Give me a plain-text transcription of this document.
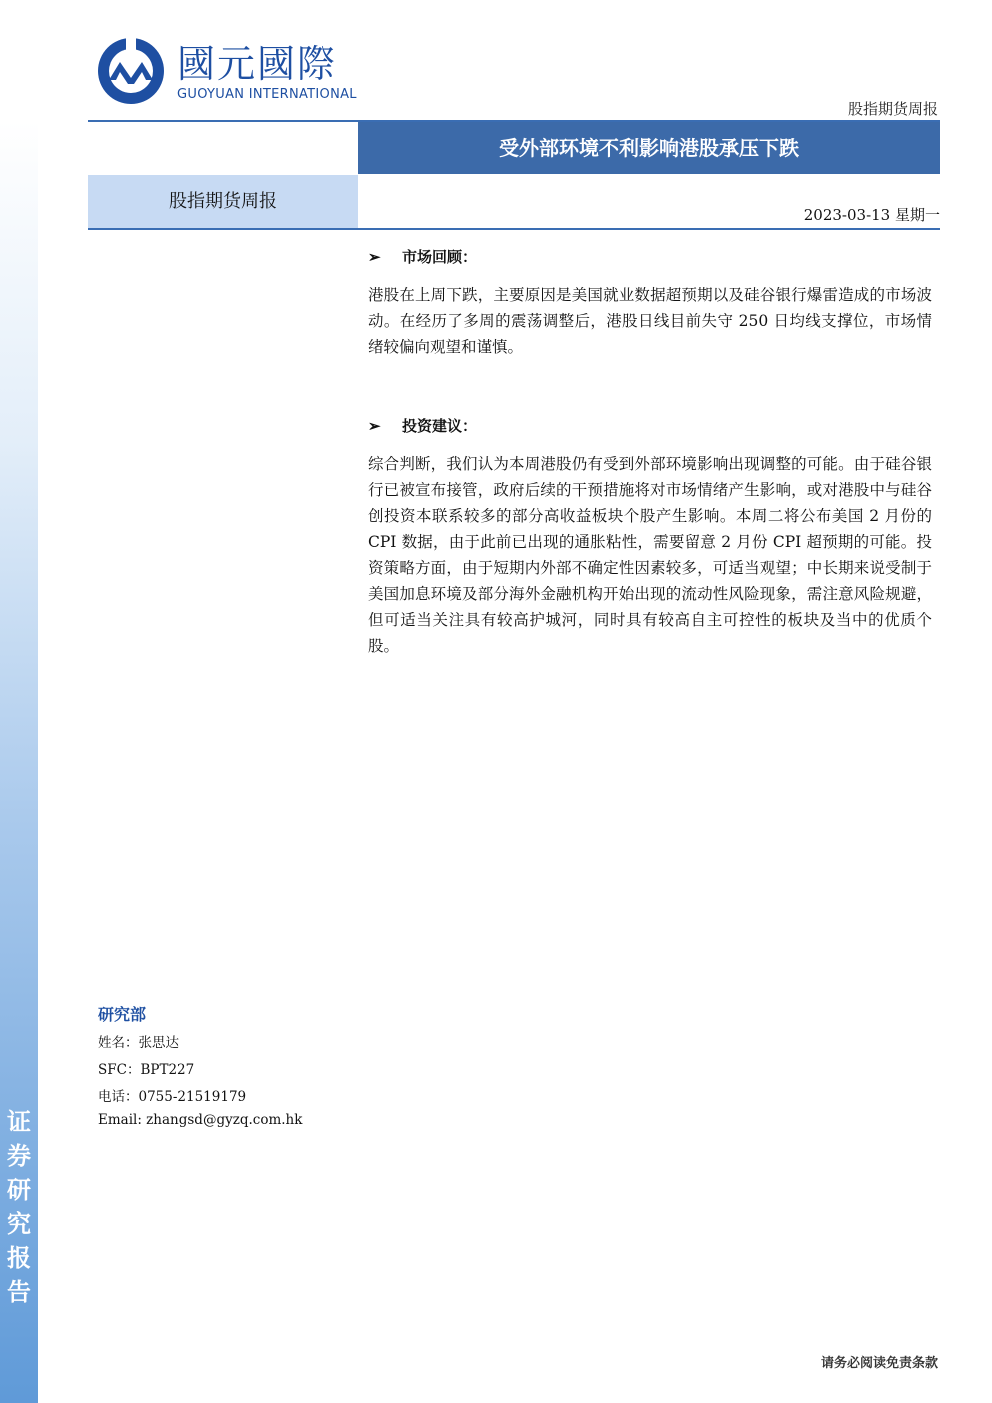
证
券
研
究
报
告
國元國際
GUOYUAN INTERNATIONAL
股指期货周报
受外部环境不利影响港股承压下跌
股指期货周报
2023-03-13 星期一
➢ 市场回顾：
港股在上周下跌，主要原因是美国就业数据超预期以及硅谷银行爆雷造成的市场波动。在经历了多周的震荡调整后，港股日线目前失守 250 日均线支撑位，市场情绪较偏向观望和谨慎。
➢ 投资建议：
综合判断，我们认为本周港股仍有受到外部环境影响出现调整的可能。由于硅谷银行已被宣布接管，政府后续的干预措施将对市场情绪产生影响，或对港股中与硅谷创投资本联系较多的部分高收益板块个股产生影响。本周二将公布美国 2 月份的 CPI 数据，由于此前已出现的通胀粘性，需要留意 2 月份 CPI 超预期的可能。投资策略方面，由于短期内外部不确定性因素较多，可适当观望；中长期来说受制于美国加息环境及部分海外金融机构开始出现的流动性风险现象，需注意风险规避，但可适当关注具有较高护城河，同时具有较高自主可控性的板块及当中的优质个股。
研究部
姓名：张思达
SFC：BPT227
电话：0755-21519179
Email: zhangsd@gyzq.com.hk
请务必阅读免责条款
